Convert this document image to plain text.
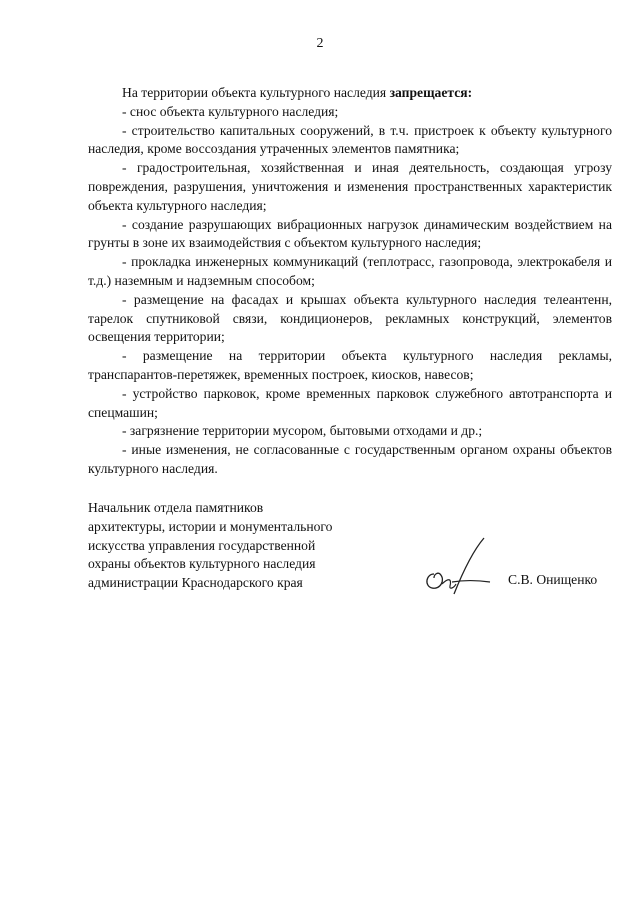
2

На территории объекта культурного наследия запрещается:

- снос объекта культурного наследия;

- строительство капитальных сооружений, в т.ч. пристроек к объекту культурного наследия, кроме воссоздания утраченных элементов памятника;

- градостроительная, хозяйственная и иная деятельность, создающая угрозу повреждения, разрушения, уничтожения и изменения пространственных характеристик объекта культурного наследия;

- создание разрушающих вибрационных нагрузок динамическим воздействием на грунты в зоне их взаимодействия с объектом культурного наследия;

- прокладка инженерных коммуникаций (теплотрасс, газопровода, электрокабеля и т.д.) наземным и надземным способом;

- размещение на фасадах и крышах объекта культурного наследия телеантенн, тарелок спутниковой связи, кондиционеров, рекламных конструкций, элементов освещения территории;

- размещение на территории объекта культурного наследия рекламы, транспарантов-перетяжек, временных построек, киосков, навесов;

- устройство парковок, кроме временных парковок служебного автотранспорта и спецмашин;

- загрязнение территории мусором, бытовыми отходами и др.;

- иные изменения, не согласованные с государственным органом охраны объектов культурного наследия.

Начальник отдела памятников
архитектуры, истории и монументального
искусства управления государственной
охраны объектов культурного наследия
администрации Краснодарского края	С.В. Онищенко
